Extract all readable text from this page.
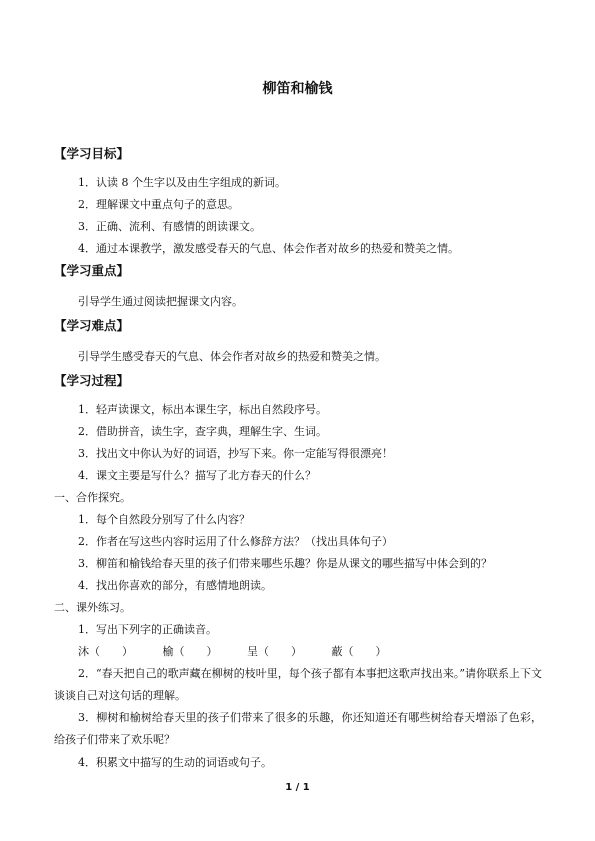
柳笛和榆钱
【学习目标】
1．认读 8 个生字以及由生字组成的新词。
2．理解课文中重点句子的意思。
3．正确、流利、有感情的朗读课文。
4．通过本课教学，激发感受春天的气息、体会作者对故乡的热爱和赞美之情。
【学习重点】
引导学生通过阅读把握课文内容。
【学习难点】
引导学生感受春天的气息、体会作者对故乡的热爱和赞美之情。
【学习过程】
1．轻声读课文，标出本课生字，标出自然段序号。
2．借助拼音，读生字，查字典，理解生字、生词。
3．找出文中你认为好的词语，抄写下来。你一定能写得很漂亮！
4．课文主要是写什么？描写了北方春天的什么？
一、合作探究。
1．每个自然段分别写了什么内容？
2．作者在写这些内容时运用了什么修辞方法？（找出具体句子）
3．柳笛和榆钱给春天里的孩子们带来哪些乐趣？你是从课文的哪些描写中体会到的？
4．找出你喜欢的部分，有感情地朗读。
二、课外练习。
1．写出下列字的正确读音。
沐（　　）	榆（　　）	呈（　　）	蔽（　　）
2．“春天把自己的歌声藏在柳树的枝叶里，每个孩子都有本事把这歌声找出来。”请你联系上下文谈谈自己对这句话的理解。
3．柳树和榆树给春天里的孩子们带来了很多的乐趣，你还知道还有哪些树给春天增添了色彩，给孩子们带来了欢乐呢？
4．积累文中描写的生动的词语或句子。
1 / 1
